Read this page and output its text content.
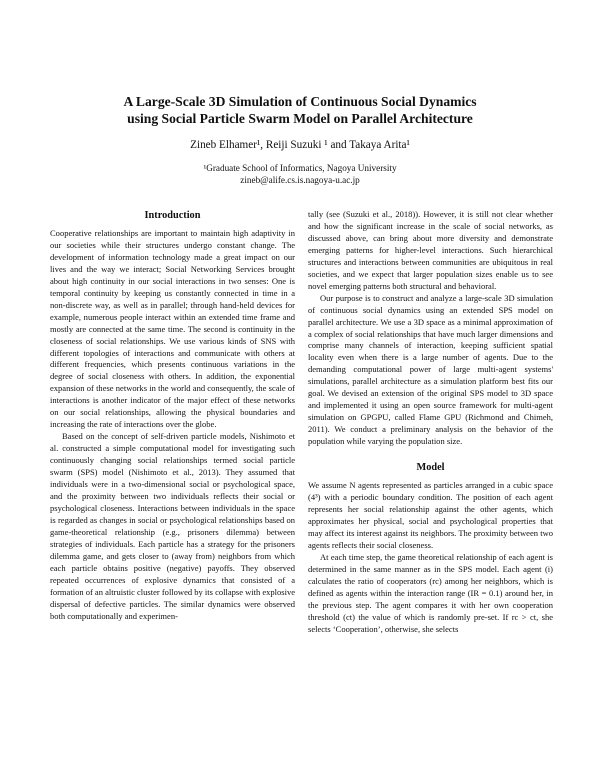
A Large-Scale 3D Simulation of Continuous Social Dynamics
using Social Particle Swarm Model on Parallel Architecture
Zineb Elhamer¹, Reiji Suzuki ¹ and Takaya Arita¹
¹Graduate School of Informatics, Nagoya University
zineb@alife.cs.is.nagoya-u.ac.jp
Introduction

Cooperative relationships are important to maintain high adaptivity in our societies while their structures undergo constant change. The development of information technology made a great impact on our lives and the way we interact; Social Networking Services brought about high continuity in our social interactions in two senses: One is temporal continuity by keeping us constantly connected in time in a non-discrete way, as well as in parallel; through hand-held devices for example, numerous people interact within an extended time frame and mostly are connected at the same time. The second is continuity in the closeness of social relationships. We use various kinds of SNS with different topologies of interactions and communicate with others at different frequencies, which presents continuous variations in the degree of social closeness with others. In addition, the exponential expansion of these networks in the world and consequently, the scale of interactions is another indicator of the major effect of these networks on our social relationships, allowing the physical boundaries and increasing the rate of interactions over the globe.

Based on the concept of self-driven particle models, Nishimoto et al. constructed a simple computational model for investigating such continuously changing social relationships termed social particle swarm (SPS) model (Nishimoto et al., 2013). They assumed that individuals were in a two-dimensional social or psychological space, and the proximity between two individuals reflects their social or psychological closeness. Interactions between individuals in the space is regarded as changes in social or psychological relationships based on game-theoretical relationship (e.g., prisoners dilemma) between strategies of individuals. Each particle has a strategy for the prisoners dilemma game, and gets closer to (away from) neighbors from which each particle obtains positive (negative) payoffs. They observed repeated occurrences of explosive dynamics that consisted of a formation of an altruistic cluster followed by its collapse with explosive dispersal of defective particles. The similar dynamics were observed both computationally and experimen-

tally (see (Suzuki et al., 2018)). However, it is still not clear whether and how the significant increase in the scale of social networks, as discussed above, can bring about more diversity and demonstrate emerging patterns for higher-level interactions. Such hierarchical structures and interactions between communities are ubiquitous in real societies, and we expect that larger population sizes enable us to see novel emerging patterns both structural and behavioral.

Our purpose is to construct and analyze a large-scale 3D simulation of continuous social dynamics using an extended SPS model on parallel architecture. We use a 3D space as a minimal approximation of a complex of social relationships that have much larger dimensions and comprise many channels of interaction, keeping sufficient spatial locality even when there is a large number of agents. Due to the demanding computational power of large multi-agent systems' simulations, parallel architecture as a simulation platform best fits our goal. We devised an extension of the original SPS model to 3D space and implemented it using an open source framework for multi-agent simulation on GPGPU, called Flame GPU (Richmond and Chimeh, 2011). We conduct a preliminary analysis on the behavior of the population while varying the population size.

Model

We assume N agents represented as particles arranged in a cubic space (4³) with a periodic boundary condition. The position of each agent represents her social relationship against the other agents, which approximates her physical, social and psychological properties that may affect its interest against its neighbors. The proximity between two agents reflects their social closeness.

At each time step, the game theoretical relationship of each agent is determined in the same manner as in the SPS model. Each agent (i) calculates the ratio of cooperators (rc) among her neighbors, which is defined as agents within the interaction range (IR = 0.1) around her, in the previous step. The agent compares it with her own cooperation threshold (ct) the value of which is randomly pre-set. If rc > ct, she selects ‘Cooperation’, otherwise, she selects
